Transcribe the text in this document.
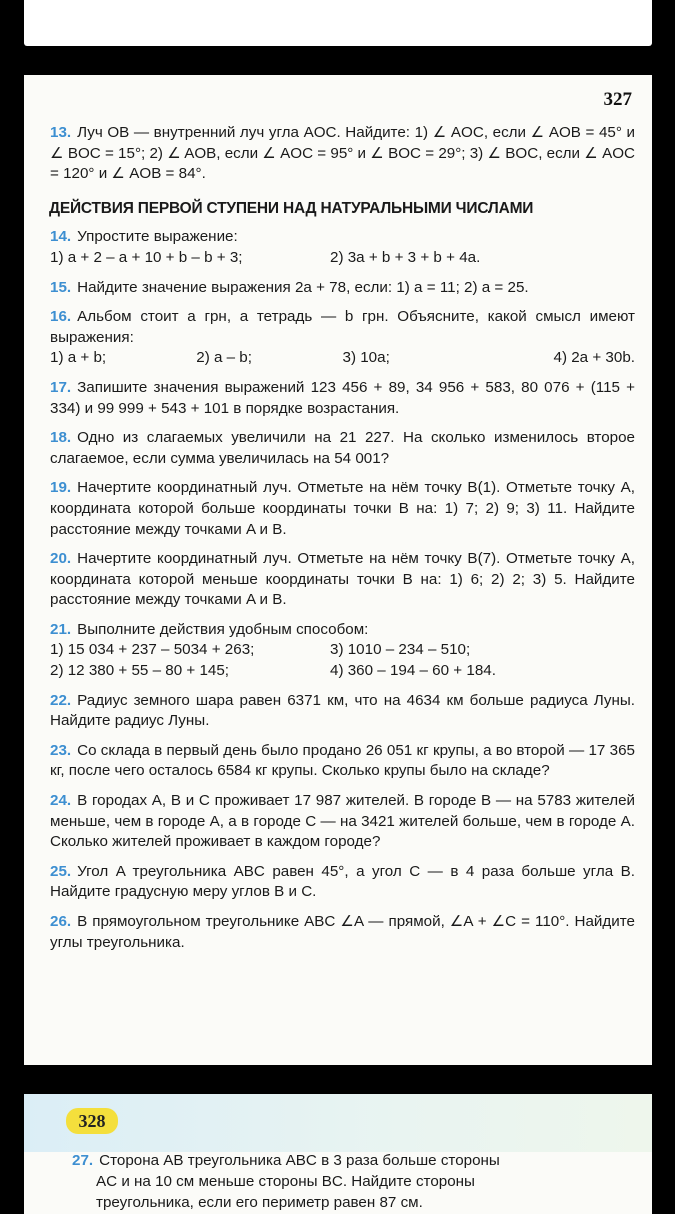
327

13. Луч OB — внутренний луч угла AOC. Найдите: 1) ∠ AOC, если ∠ AOB = 45° и ∠ BOC = 15°; 2) ∠ AOB, если ∠ AOC = 95° и ∠ BOC = 29°; 3) ∠ BOC, если ∠ AOC = 120° и ∠ AOB = 84°.

ДЕЙСТВИЯ ПЕРВОЙ СТУПЕНИ НАД НАТУРАЛЬНЫМИ ЧИСЛАМИ
14. Упростите выражение:
1) a + 2 – a + 10 + b – b + 3;	2) 3a + b + 3 + b + 4a.

15. Найдите значение выражения 2a + 78, если: 1) a = 11; 2) a = 25.

16. Альбом стоит a грн, а тетрадь — b грн. Объясните, какой смысл имеют выражения:
1) a + b;	2) a – b;	3) 10a;	4) 2a + 30b.

17. Запишите значения выражений 123 456 + 89, 34 956 + 583, 80 076 + (115 + 334) и 99 999 + 543 + 101 в порядке возрастания.

18. Одно из слагаемых увеличили на 21 227. На сколько изменилось второе слагаемое, если сумма увеличилась на 54 001?

19. Начертите координатный луч. Отметьте на нём точку B(1). Отметьте точку A, координата которой больше координаты точки B на: 1) 7; 2) 9; 3) 11. Найдите расстояние между точками A и B.

20. Начертите координатный луч. Отметьте на нём точку B(7). Отметьте точку A, координата которой меньше координаты точки B на: 1) 6; 2) 2; 3) 5. Найдите расстояние между точками A и B.

21. Выполните действия удобным способом:
1) 15 034 + 237 – 5034 + 263;	3) 1010 – 234 – 510;
2) 12 380 + 55 – 80 + 145;	4) 360 – 194 – 60 + 184.

22. Радиус земного шара равен 6371 км, что на 4634 км больше радиуса Луны. Найдите радиус Луны.

23. Со склада в первый день было продано 26 051 кг крупы, а во второй — 17 365 кг, после чего осталось 6584 кг крупы. Сколько крупы было на складе?

24. В городах A, B и C проживает 17 987 жителей. В городе B — на 5783 жителей меньше, чем в городе A, а в городе C — на 3421 жителей больше, чем в городе A. Сколько жителей проживает в каждом городе?

25. Угол A треугольника ABC равен 45°, а угол C — в 4 раза больше угла B. Найдите градусную меру углов B и C.

26. В прямоугольном треугольнике ABC ∠A — прямой, ∠A + ∠C = 110°. Найдите углы треугольника.

328
27. Сторона AB треугольника ABC в 3 раза больше стороны
AC и на 10 см меньше стороны BC. Найдите стороны
треугольника, если его периметр равен 87 см.
